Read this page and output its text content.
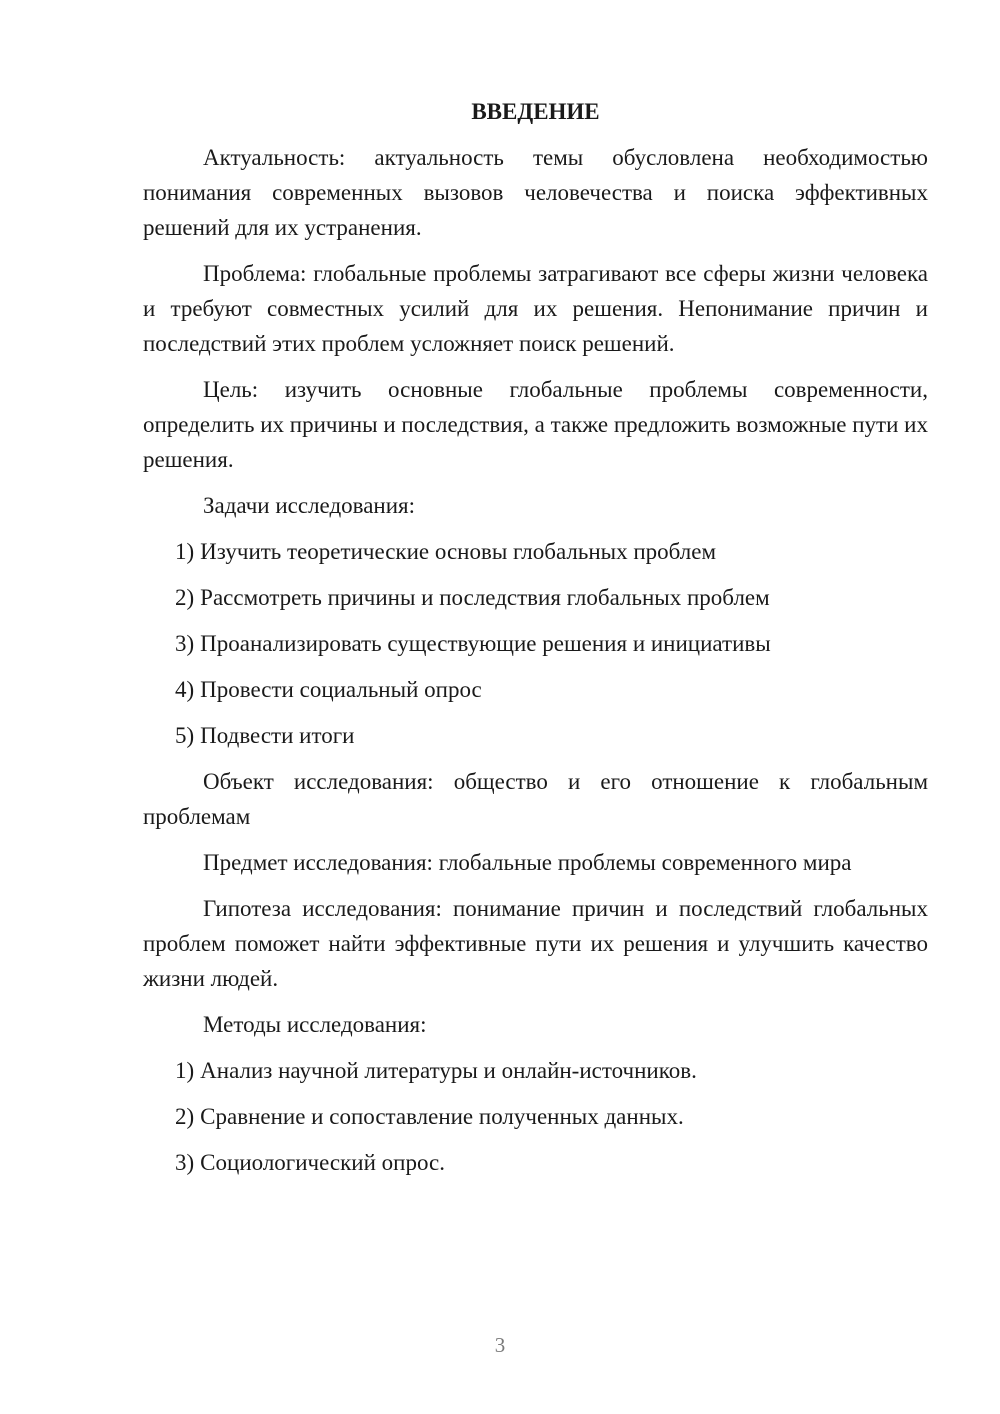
ВВЕДЕНИЕ

Актуальность: актуальность темы обусловлена необходимостью понимания современных вызовов человечества и поиска эффективных решений для их устранения.

Проблема: глобальные проблемы затрагивают все сферы жизни человека и требуют совместных усилий для их решения. Непонимание причин и последствий этих проблем усложняет поиск решений.

Цель: изучить основные глобальные проблемы современности, определить их причины и последствия, а также предложить возможные пути их решения.

Задачи исследования:

1) Изучить теоретические основы глобальных проблем

2) Рассмотреть причины и последствия глобальных проблем

3) Проанализировать существующие решения и инициативы

4) Провести социальный опрос

5) Подвести итоги

Объект исследования: общество и его отношение к глобальным проблемам

Предмет исследования: глобальные проблемы современного мира

Гипотеза исследования: понимание причин и последствий глобальных проблем поможет найти эффективные пути их решения и улучшить качество жизни людей.

Методы исследования:

1) Анализ научной литературы и онлайн-источников.

2) Сравнение и сопоставление полученных данных.

3) Социологический опрос.

3
